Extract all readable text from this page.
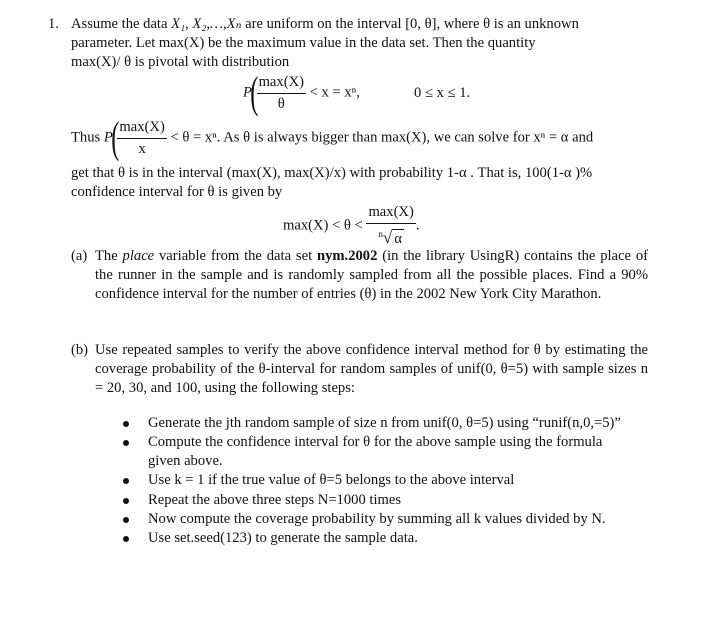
1. Assume the data X₁, X₂,…,Xₙ are uniform on the interval [0, θ], where θ is an unknown
parameter. Let max(X) be the maximum value in the data set. Then the quantity
max(X)/ θ is pivotal with distribution
P(
$\frac{\max(X)}{\theta} < x = x^n$,	0 ≤ x ≤ 1.
Thus P(
$\frac{\max(X)}{x} < \theta = x^n$. As θ is always bigger than max(X), we can solve for xⁿ = α and
get that θ is in the interval (max(X), max(X)/x) with probability 1-α . That is, 100(1-α )%
confidence interval for θ is given by
$\max(X) < \theta < \frac{\max(X)}{^n√ \alpha}$ .
(a) The place variable from the data set nym.2002 (in the library UsingR) contains the place of the runner in the sample and is randomly sampled from all the possible places. Find a 90% confidence interval for the number of entries (θ) in the 2002 New York City Marathon.
(b) Use repeated samples to verify the above confidence interval method for θ by estimating the coverage probability of the θ-interval for random samples of unif(0, θ=5) with sample sizes n = 20, 30, and 100, using the following steps:
Generate the jth random sample of size n from unif(0, θ=5) using “runif(n,0,=5)”
Compute the confidence interval for θ for the above sample using the formula
given above.
Use k = 1 if the true value of θ=5 belongs to the above interval
Repeat the above three steps N=1000 times
Now compute the coverage probability by summing all k values divided by N.
Use set.seed(123) to generate the sample data.
